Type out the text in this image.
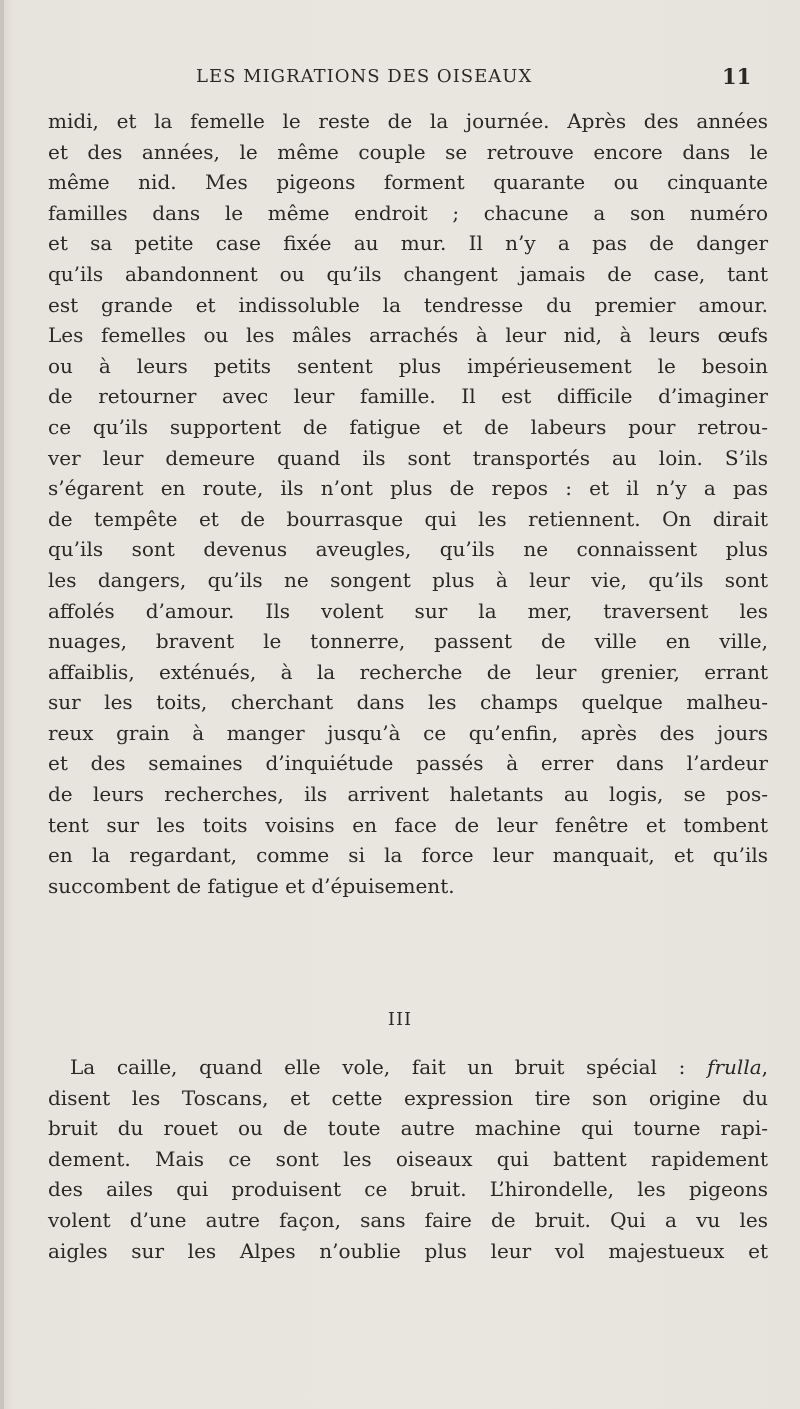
LES MIGRATIONS DES OISEAUX	11
midi, et la femelle le reste de la journée. Après des années
et des années, le même couple se retrouve encore dans le
même nid. Mes pigeons forment quarante ou cinquante
familles dans le même endroit ; chacune a son numéro
et sa petite case fixée au mur. Il n’y a pas de danger
qu’ils abandonnent ou qu’ils changent jamais de case, tant
est grande et indissoluble la tendresse du premier amour.
Les femelles ou les mâles arrachés à leur nid, à leurs œufs
ou à leurs petits sentent plus impérieusement le besoin
de retourner avec leur famille. Il est difficile d’imaginer
ce qu’ils supportent de fatigue et de labeurs pour retrou-
ver leur demeure quand ils sont transportés au loin. S’ils
s’égarent en route, ils n’ont plus de repos : et il n’y a pas
de tempête et de bourrasque qui les retiennent. On dirait
qu’ils sont devenus aveugles, qu’ils ne connaissent plus
les dangers, qu’ils ne songent plus à leur vie, qu’ils sont
affolés d’amour. Ils volent sur la mer, traversent les
nuages, bravent le tonnerre, passent de ville en ville,
affaiblis, exténués, à la recherche de leur grenier, errant
sur les toits, cherchant dans les champs quelque malheu-
reux grain à manger jusqu’à ce qu’enfin, après des jours
et des semaines d’inquiétude passés à errer dans l’ardeur
de leurs recherches, ils arrivent haletants au logis, se pos-
tent sur les toits voisins en face de leur fenêtre et tombent
en la regardant, comme si la force leur manquait, et qu’ils
succombent de fatigue et d’épuisement.
III
La caille, quand elle vole, fait un bruit spécial : frulla,
disent les Toscans, et cette expression tire son origine du
bruit du rouet ou de toute autre machine qui tourne rapi-
dement. Mais ce sont les oiseaux qui battent rapidement
des ailes qui produisent ce bruit. L’hirondelle, les pigeons
volent d’une autre façon, sans faire de bruit. Qui a vu les
aigles sur les Alpes n’oublie plus leur vol majestueux et
